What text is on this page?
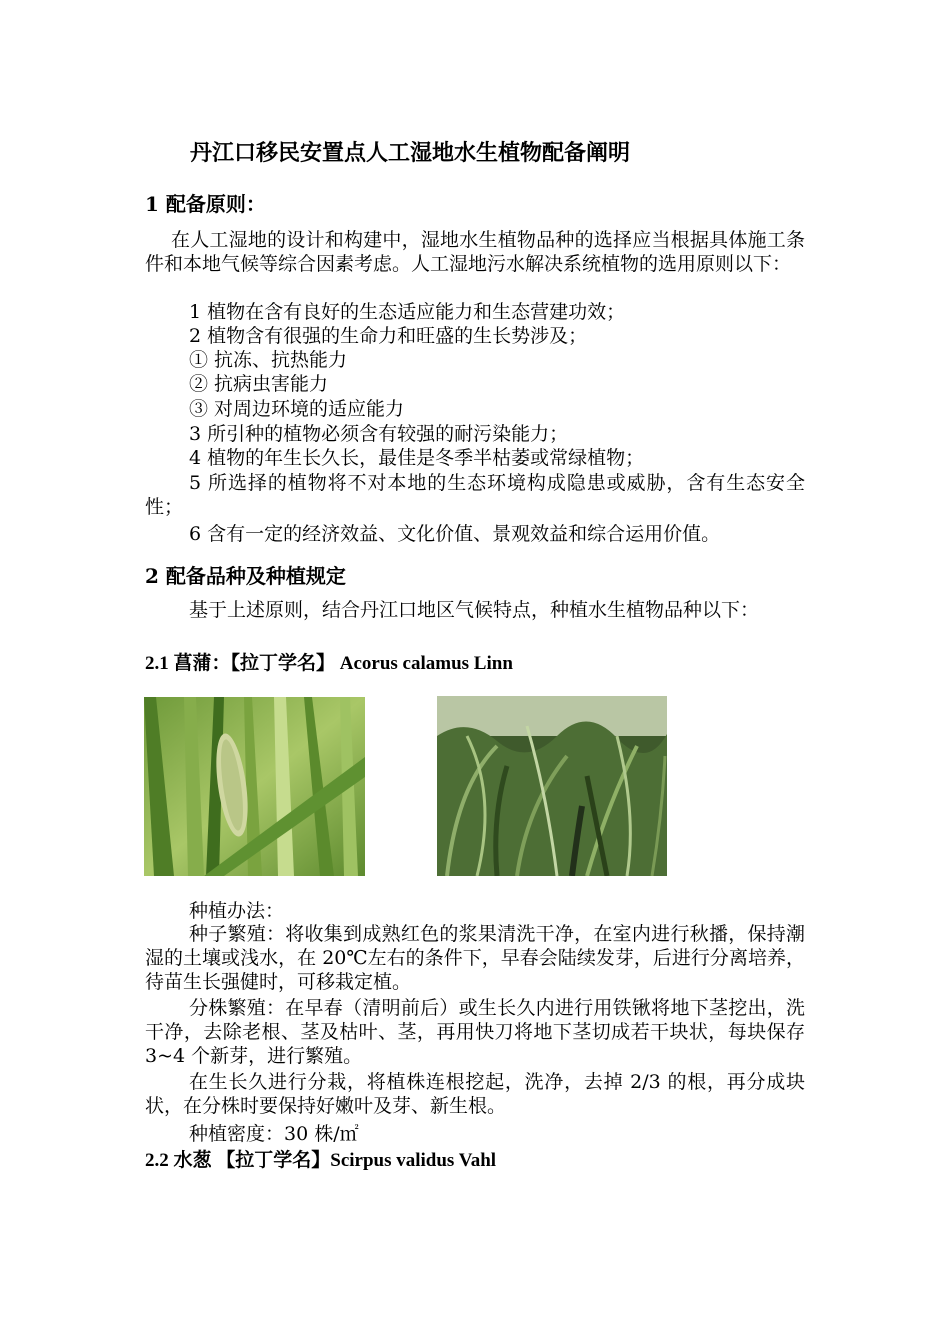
丹江口移民安置点人工湿地水生植物配备阐明
1 配备原则：
在人工湿地的设计和构建中，湿地水生植物品种的选择应当根据具体施工条件和本地气候等综合因素考虑。人工湿地污水解决系统植物的选用原则以下：
1 植物在含有良好的生态适应能力和生态营建功效；
2 植物含有很强的生命力和旺盛的生长势涉及；
① 抗冻、抗热能力
② 抗病虫害能力
③ 对周边环境的适应能力
3 所引种的植物必须含有较强的耐污染能力；
4 植物的年生长久长，最佳是冬季半枯萎或常绿植物；
5 所选择的植物将不对本地的生态环境构成隐患或威胁，含有生态安全性；
6 含有一定的经济效益、文化价值、景观效益和综合运用价值。
2 配备品种及种植规定
基于上述原则，结合丹江口地区气候特点，种植水生植物品种以下：
2.1 菖蒲：【拉丁学名】 Acorus calamus Linn
种植办法：
种子繁殖：将收集到成熟红色的浆果清洗干净，在室内进行秋播，保持潮湿的土壤或浅水，在 20℃左右的条件下，早春会陆续发芽，后进行分离培养，待苗生长强健时，可移栽定植。
分株繁殖：在早春（清明前后）或生长久内进行用铁锹将地下茎挖出，洗干净，去除老根、茎及枯叶、茎，再用快刀将地下茎切成若干块状，每块保存 3~4 个新芽，进行繁殖。
在生长久进行分栽，将植株连根挖起，洗净，去掉 2/3 的根，再分成块状，在分株时要保持好嫩叶及芽、新生根。
种植密度：30 株/㎡
2.2 水葱 【拉丁学名】Scirpus validus Vahl
